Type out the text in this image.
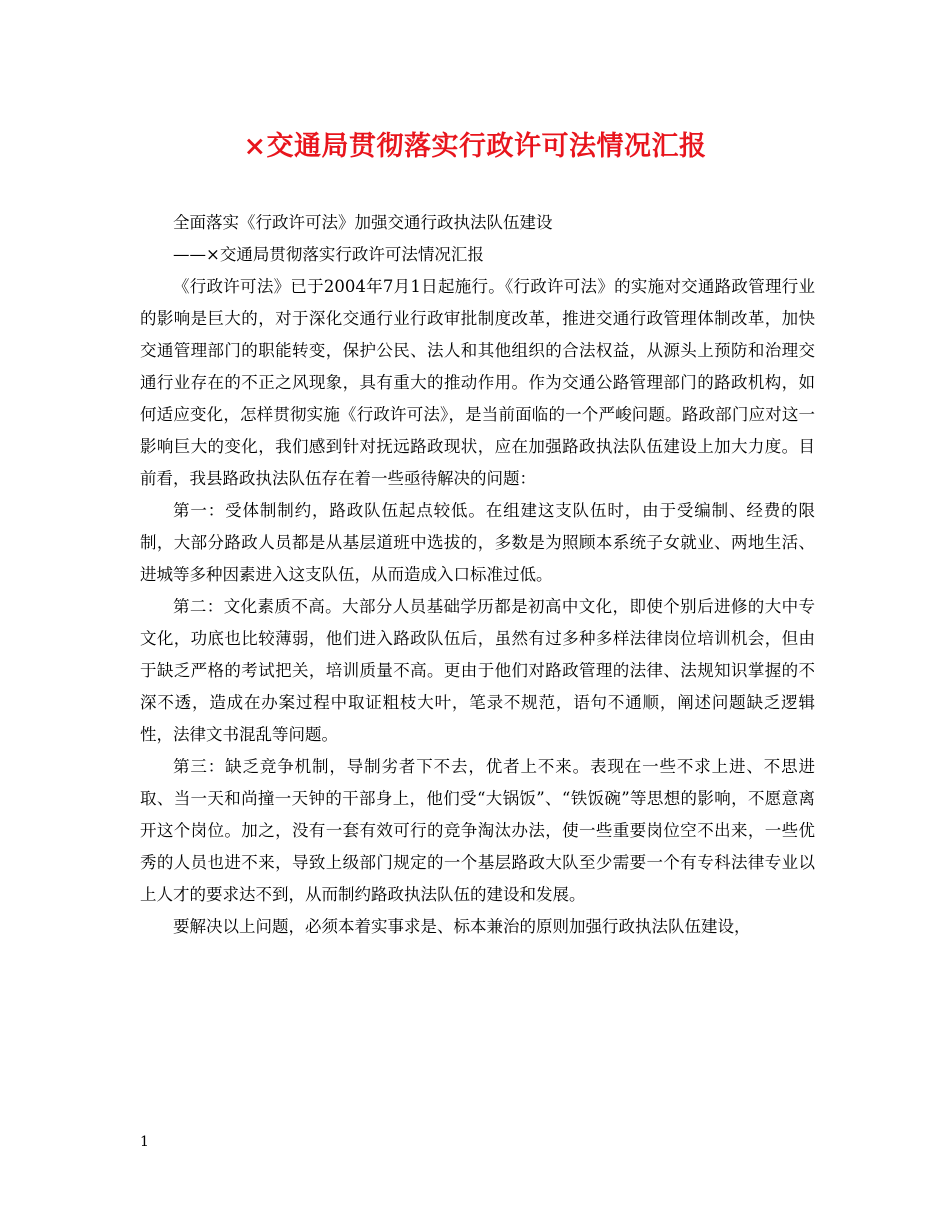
×交通局贯彻落实行政许可法情况汇报

全面落实《行政许可法》加强交通行政执法队伍建设

——×交通局贯彻落实行政许可法情况汇报

《行政许可法》已于2004年7月1日起施行。《行政许可法》的实施对交通路政管理行业的影响是巨大的，对于深化交通行业行政审批制度改革，推进交通行政管理体制改革，加快交通管理部门的职能转变，保护公民、法人和其他组织的合法权益，从源头上预防和治理交通行业存在的不正之风现象，具有重大的推动作用。作为交通公路管理部门的路政机构，如何适应变化，怎样贯彻实施《行政许可法》，是当前面临的一个严峻问题。路政部门应对这一影响巨大的变化，我们感到针对抚远路政现状，应在加强路政执法队伍建设上加大力度。目前看，我县路政执法队伍存在着一些亟待解决的问题：

第一：受体制制约，路政队伍起点较低。在组建这支队伍时，由于受编制、经费的限制，大部分路政人员都是从基层道班中选拔的，多数是为照顾本系统子女就业、两地生活、进城等多种因素进入这支队伍，从而造成入口标准过低。

第二：文化素质不高。大部分人员基础学历都是初高中文化，即使个别后进修的大中专文化，功底也比较薄弱，他们进入路政队伍后，虽然有过多种多样法律岗位培训机会，但由于缺乏严格的考试把关，培训质量不高。更由于他们对路政管理的法律、法规知识掌握的不深不透，造成在办案过程中取证粗枝大叶，笔录不规范，语句不通顺，阐述问题缺乏逻辑性，法律文书混乱等问题。

第三：缺乏竞争机制，导制劣者下不去，优者上不来。表现在一些不求上进、不思进取、当一天和尚撞一天钟的干部身上，他们受“大锅饭”、“铁饭碗”等思想的影响，不愿意离开这个岗位。加之，没有一套有效可行的竞争淘汰办法，使一些重要岗位空不出来，一些优秀的人员也进不来，导致上级部门规定的一个基层路政大队至少需要一个有专科法律专业以上人才的要求达不到，从而制约路政执法队伍的建设和发展。

要解决以上问题，必须本着实事求是、标本兼治的原则加强行政执法队伍建设，

1
